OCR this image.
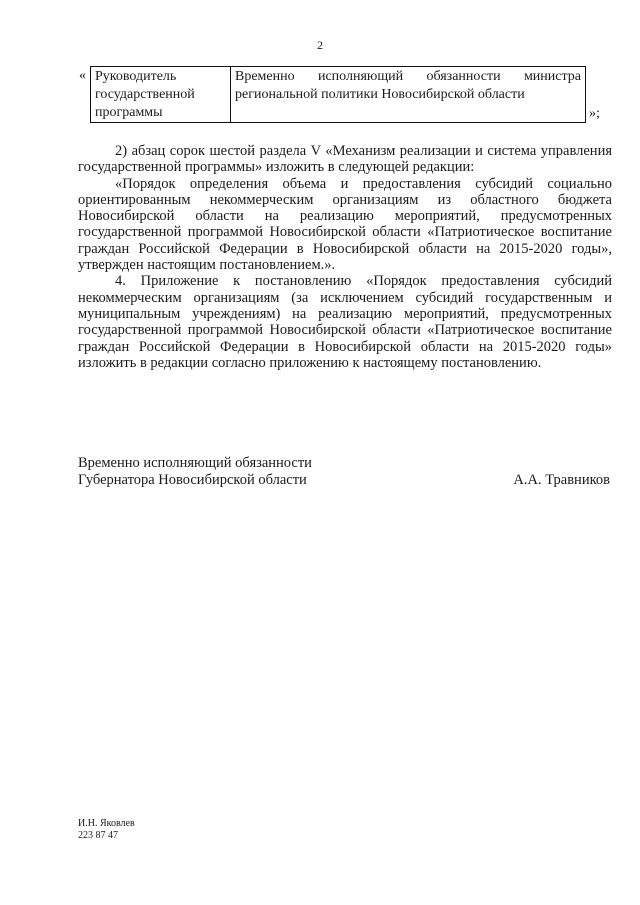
2
« Руководитель государственной программы	Временно исполняющий обязанности министра региональной политики Новосибирской области
»;

2) абзац сорок шестой раздела V «Механизм реализации и система управления государственной программы» изложить в следующей редакции:

«Порядок определения объема и предоставления субсидий социально ориентированным некоммерческим организациям из областного бюджета Новосибирской области на реализацию мероприятий, предусмотренных государственной программой Новосибирской области «Патриотическое воспитание граждан Российской Федерации в Новосибирской области на 2015-2020 годы», утвержден настоящим постановлением.».

4. Приложение к постановлению «Порядок предоставления субсидий некоммерческим организациям (за исключением субсидий государственным и муниципальным учреждениям) на реализацию мероприятий, предусмотренных государственной программой Новосибирской области «Патриотическое воспитание граждан Российской Федерации в Новосибирской области на 2015-2020 годы» изложить в редакции согласно приложению к настоящему постановлению.

Временно исполняющий обязанности
Губернатора Новосибирской области	А.А. Травников
И.Н. Яковлев
223 87 47
